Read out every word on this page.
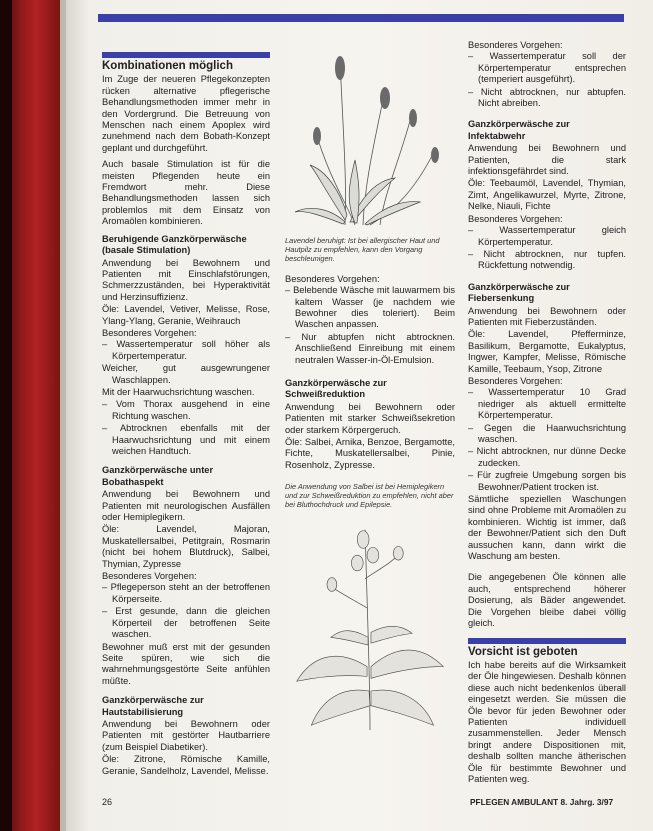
Kombinationen möglich

Im Zuge der neueren Pflegekonzepten rücken alternative pflegerische Behandlungsmethoden immer mehr in den Vordergrund. Die Betreuung von Menschen nach einem Apoplex wird zunehmend nach dem Bobath-Konzept geplant und durchgeführt.

Auch basale Stimulation ist für die meisten Pflegenden heute ein Fremdwort mehr. Diese Behandlungsmethoden lassen sich problemlos mit dem Einsatz von Aromaölen kombinieren.

Beruhigende Ganzkörperwäsche (basale Stimulation)

Anwendung bei Bewohnern und Patienten mit Einschlafstörungen, Schmerzzuständen, bei Hyperaktivität und Herzinsuffizienz.

Öle: Lavendel, Vetiver, Melisse, Rose, Ylang-Ylang, Geranie, Weihrauch

Besonderes Vorgehen:
– Wassertemperatur soll höher als Körpertemperatur.
Weicher, gut ausgewrungener Waschlappen.
Mit der Haarwuchsrichtung waschen.
– Vom Thorax ausgehend in eine Richtung waschen.
– Abtrocknen ebenfalls mit der Haarwuchsrichtung und mit einem weichen Handtuch.
Ganzkörperwäsche unter Bobathaspekt

Anwendung bei Bewohnern und Patienten mit neurologischen Ausfällen oder Hemiplegikern.

Öle: Lavendel, Majoran, Muskatellersalbei, Petitgrain, Rosmarin (nicht bei hohem Blutdruck), Salbei, Thymian, Zypresse

Besonderes Vorgehen:
– Pflegeperson steht an der betroffenen Körperseite.
– Erst gesunde, dann die gleichen Körperteil der betroffenen Seite waschen.

Bewohner muß erst mit der gesunden Seite spüren, wie sich die wahrnehmungsgestörte Seite anfühlen müßte.

Ganzkörperwäsche zur Hautstabilisierung

Anwendung bei Bewohnern oder Patienten mit gestörter Hautbarriere (zum Beispiel Diabetiker).

Öle: Zitrone, Römische Kamille, Geranie, Sandelholz, Lavendel, Melisse.

Lavendel beruhigt: Ist bei allergischer Haut und Hautpilz zu empfehlen, kann den Vorgang beschleunigen.
Besonderes Vorgehen:
– Belebende Wäsche mit lauwarmem bis kaltem Wasser (je nachdem wie Bewohner dies toleriert). Beim Waschen anpassen.
– Nur abtupfen nicht abtrocknen. Anschließend Einreibung mit einem neutralen Wasser-in-Öl-Emulsion.
Ganzkörperwäsche zur Schweißreduktion

Anwendung bei Bewohnern oder Patienten mit starker Schweißsekretion oder starkem Körpergeruch.

Öle: Salbei, Arnika, Benzoe, Bergamotte, Fichte, Muskatellersalbei, Pinie, Rosenholz, Zypresse.

Die Anwendung von Salbei ist bei Hemiplegikern und zur Schweißreduktion zu empfehlen, nicht aber bei Bluthochdruck und Epilepsie.
Besonderes Vorgehen:
– Wassertemperatur soll der Körpertemperatur entsprechen (temperiert ausgeführt).
– Nicht abtrocknen, nur abtupfen. Nicht abreiben.
Ganzkörperwäsche zur Infektabwehr

Anwendung bei Bewohnern und Patienten, die stark infektionsgefährdet sind.

Öle: Teebaumöl, Lavendel, Thymian, Zimt, Angelikawurzel, Myrte, Zitrone, Nelke, Niauli, Fichte

Besonderes Vorgehen:
– Wassertemperatur gleich Körpertemperatur.
– Nicht abtrocknen, nur tupfen. Rückfettung notwendig.
Ganzkörperwäsche zur Fiebersenkung

Anwendung bei Bewohnern oder Patienten mit Fieberzuständen.

Öle: Lavendel, Pfefferminze, Basilikum, Bergamotte, Eukalyptus, Ingwer, Kampfer, Melisse, Römische Kamille, Teebaum, Ysop, Zitrone

Besonderes Vorgehen:
– Wassertemperatur 10 Grad niedriger als aktuell ermittelte Körpertemperatur.
– Gegen die Haarwuchsrichtung waschen.
– Nicht abtrocknen, nur dünne Decke zudecken.
– Für zugfreie Umgebung sorgen bis Bewohner/Patient trocken ist.

Sämtliche speziellen Waschungen sind ohne Probleme mit Aromaölen zu kombinieren. Wichtig ist immer, daß der Bewohner/Patient sich den Duft aussuchen kann, dann wirkt die Waschung am besten.

Die angegebenen Öle können alle auch, entsprechend höherer Dosierung, als Bäder angewendet. Die Vorgehen bleibe dabei völlig gleich.

Vorsicht ist geboten

Ich habe bereits auf die Wirksamkeit der Öle hingewiesen. Deshalb können diese auch nicht bedenkenlos überall eingesetzt werden. Sie müssen die Öle bevor für jeden Bewohner oder Patienten individuell zusammenstellen. Jeder Mensch bringt andere Dispositionen mit, deshalb sollten manche ätherischen Öle für bestimmte Bewohner und Patienten weg.

26	PFLEGEN AMBULANT 8. Jahrg. 3/97
